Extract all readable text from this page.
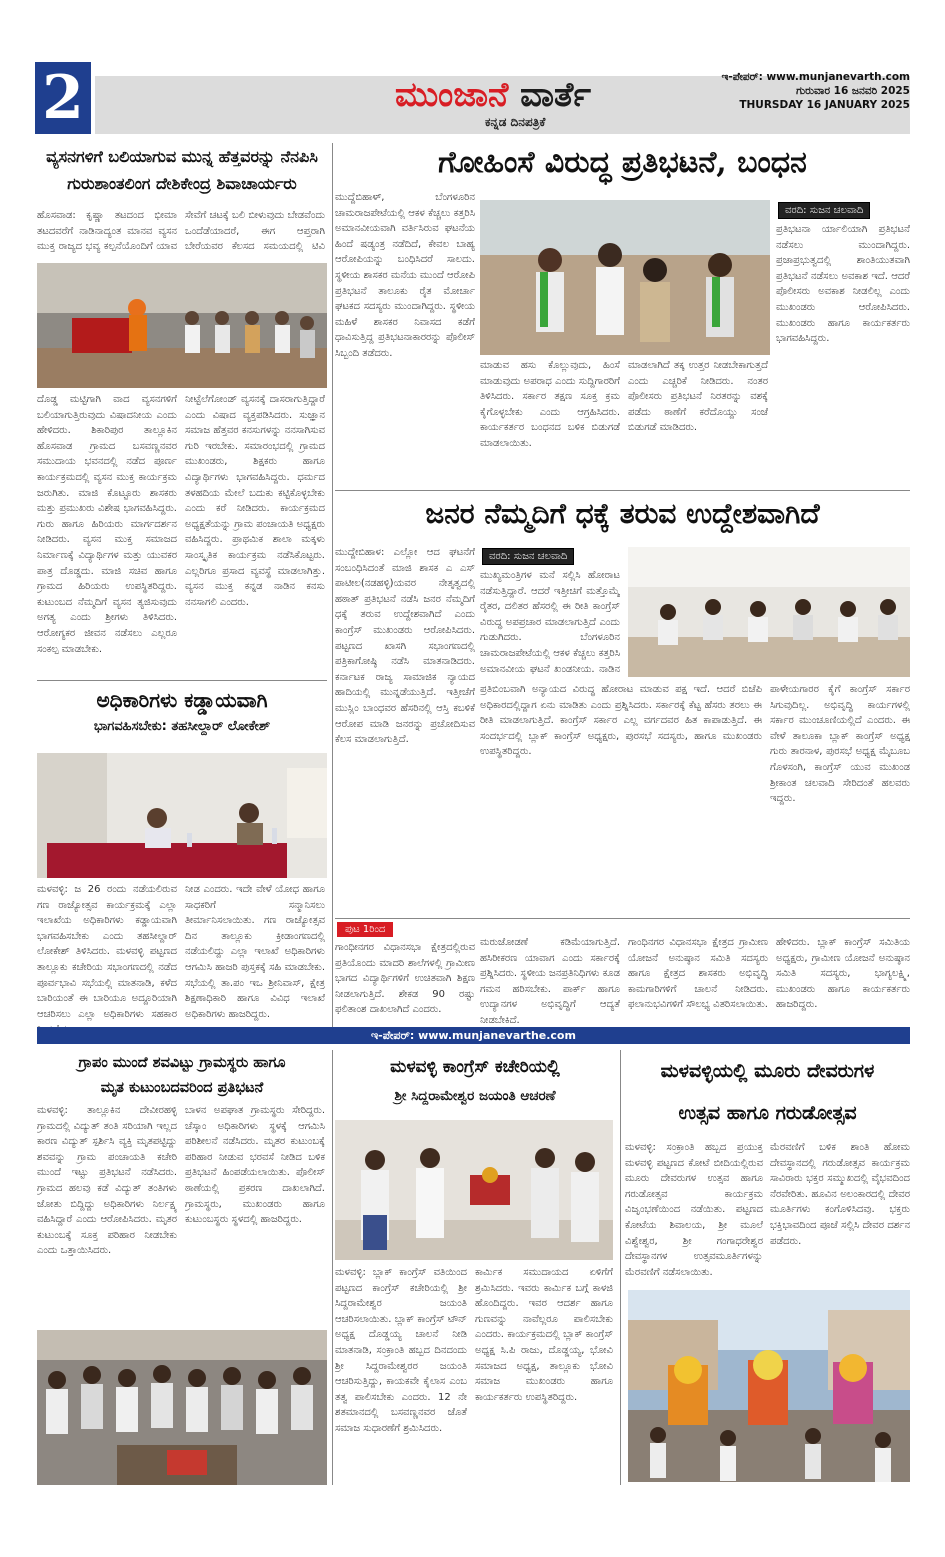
2	ಮುಂಜಾನೆ ವಾರ್ತೆ
ಕನ್ನಡ ದಿನಪತ್ರಿಕೆ
ಇ-ಪೇಪರ್: www.munjanevarth.com
ಗುರುವಾರ 16 ಜನವರಿ 2025
THURSDAY 16 JANUARY 2025
ವ್ಯಸನಗಳಿಗೆ ಬಲಿಯಾಗುವ ಮುನ್ನ ಹೆತ್ತವರನ್ನು ನೆನಪಿಸಿ
ಗುರುಶಾಂತಲಿಂಗ ದೇಶಿಕೇಂದ್ರ ಶಿವಾಚಾರ್ಯರು
ಹೊಸವಾಡ: ಕೃಷ್ಣಾ ತಟದಂದ ಭೀಮಾ ತಟದವರೆಗೆ ನಾಡಿನಾದ್ಯಂತ ಮಾನವ ವ್ಯಸನ ಮುಕ್ತ ರಾಜ್ಯದ ಭವ್ಯ ಕಲ್ಪನೆಯೊಂದಿಗೆ ಯಾವ
ಸೇವೆಗೆ ಚಟಕ್ಕೆ ಬಲಿ ಬೀಳುವುದು ಬೇಡವೆಂದು ಒಂದೆಡೆಯಾದರೆ, ಈಗ ಆಪ್ತರಾಗಿ ಬೇರೆಯವರ ಕೆಲಸದ ಸಮಯದಲ್ಲಿ ಟಿವಿ
ದೊಡ್ಡ ಮಟ್ಟಿಗಾಗಿ ವಾದ ವ್ಯಸನಗಳಿಗೆ ಬಲಿಯಾಗುತ್ತಿರುವುದು ವಿಷಾದನೀಯ ಎಂದು ಹೇಳಿದರು. ಶಿಕಾರಿಪುರ ತಾಲ್ಲೂಕಿನ ಹೊಸವಾಡ ಗ್ರಾಮದ ಬಸವಣ್ಣನವರ ಸಮುದಾಯ ಭವನದಲ್ಲಿ ನಡೆದ ಪೂರ್ಣ ಕಾರ್ಯಕ್ರಮದಲ್ಲಿ ವ್ಯಸನ ಮುಕ್ತ ಕಾರ್ಯಕ್ರಮ ಜರುಗಿತು. ಮಾಜಿ ಕೊಟ್ಟೂರು ಶಾಸಕರು ಮತ್ತು ಪ್ರಮುಖರು ವಿಶೇಷ ಭಾಗವಹಿಸಿದ್ದರು. ಗುರು ಹಾಗೂ ಹಿರಿಯರು ಮಾರ್ಗದರ್ಶನ ನೀಡಿದರು. ವ್ಯಸನ ಮುಕ್ತ ಸಮಾಜದ ನಿರ್ಮಾಣಕ್ಕೆ ವಿದ್ಯಾರ್ಥಿಗಳ ಮತ್ತು ಯುವಕರ ಪಾತ್ರ ದೊಡ್ಡದು. ಮಾಜಿ ಸಚಿವ ಹಾಗೂ ಗ್ರಾಮದ ಹಿರಿಯರು ಉಪಸ್ಥಿತರಿದ್ದರು. ಕುಟುಂಬದ ನೆಮ್ಮದಿಗೆ ವ್ಯಸನ ತ್ಯಜಿಸುವುದು ಅಗತ್ಯ ಎಂದು ಶ್ರೀಗಳು ತಿಳಿಸಿದರು. ಆರೋಗ್ಯಕರ ಜೀವನ ನಡೆಸಲು ಎಲ್ಲರೂ ಸಂಕಲ್ಪ ಮಾಡಬೇಕು.
ನೀಟ್ಟೆಲೆಗೋಂಡ್ ವ್ಯಸನಕ್ಕೆ ದಾಸರಾಗುತ್ತಿದ್ದಾರೆ ಎಂದು ವಿಷಾದ ವ್ಯಕ್ತಪಡಿಸಿದರು. ಸುಜ್ಞಾನ ಸಮಾಜ ಹೆತ್ತವರ ಕನಸುಗಳನ್ನು ನನಸಾಗಿಸುವ ಗುರಿ ಇರಬೇಕು. ಸಮಾರಂಭದಲ್ಲಿ ಗ್ರಾಮದ ಮುಖಂಡರು, ಶಿಕ್ಷಕರು ಹಾಗೂ ವಿದ್ಯಾರ್ಥಿಗಳು ಭಾಗವಹಿಸಿದ್ದರು. ಧರ್ಮದ ತಳಹದಿಯ ಮೇಲೆ ಬದುಕು ಕಟ್ಟಿಕೊಳ್ಳಬೇಕು ಎಂದು ಕರೆ ನೀಡಿದರು. ಕಾರ್ಯಕ್ರಮದ ಅಧ್ಯಕ್ಷತೆಯನ್ನು ಗ್ರಾಮ ಪಂಚಾಯತಿ ಅಧ್ಯಕ್ಷರು ವಹಿಸಿದ್ದರು. ಪ್ರಾಥಮಿಕ ಶಾಲಾ ಮಕ್ಕಳು ಸಾಂಸ್ಕೃತಿಕ ಕಾರ್ಯಕ್ರಮ ನಡೆಸಿಕೊಟ್ಟರು. ಎಲ್ಲರಿಗೂ ಪ್ರಸಾದ ವ್ಯವಸ್ಥೆ ಮಾಡಲಾಗಿತ್ತು. ವ್ಯಸನ ಮುಕ್ತ ಕನ್ನಡ ನಾಡಿನ ಕನಸು ನನಸಾಗಲಿ ಎಂದರು.
ಅಧಿಕಾರಿಗಳು ಕಡ್ಡಾಯವಾಗಿ
ಭಾಗವಹಿಸಬೇಕು: ತಹಸೀಲ್ದಾರ್ ಲೋಕೇಶ್
ಮಳವಳ್ಳಿ: ಜ 26 ರಂದು ನಡೆಯಲಿರುವ ಗಣ ರಾಜ್ಯೋತ್ಸವ ಕಾರ್ಯಕ್ರಮಕ್ಕೆ ಎಲ್ಲಾ ಇಲಾಖೆಯ ಅಧಿಕಾರಿಗಳು ಕಡ್ಡಾಯವಾಗಿ ಭಾಗವಹಿಸಬೇಕು ಎಂದು ತಹಸೀಲ್ದಾರ್ ಲೋಕೇಶ್ ತಿಳಿಸಿದರು. ಮಳವಳ್ಳಿ ಪಟ್ಟಣದ ತಾಲ್ಲೂಕು ಕಚೇರಿಯ ಸಭಾಂಗಣದಲ್ಲಿ ನಡೆದ ಪೂರ್ವಭಾವಿ ಸಭೆಯಲ್ಲಿ ಮಾತನಾಡಿ, ಕಳೆದ ಬಾರಿಯಂತೆ ಈ ಬಾರಿಯೂ ಅದ್ದೂರಿಯಾಗಿ ಆಚರಿಸಲು ಎಲ್ಲಾ ಅಧಿಕಾರಿಗಳು ಸಹಕಾರ
ನೀಡ ಎಂದರು. ಇದೇ ವೇಳೆ ಯೋಧ ಹಾಗೂ ಸಾಧಕರಿಗೆ ಸನ್ಮಾನಿಸಲು ತೀರ್ಮಾನಿಸಲಾಯಿತು. ಗಣ ರಾಜ್ಯೋತ್ಸವ ದಿನ ತಾಲ್ಲೂಕು ಕ್ರೀಡಾಂಗಣದಲ್ಲಿ ನಡೆಯಲಿದ್ದು ಎಲ್ಲಾ ಇಲಾಖೆ ಅಧಿಕಾರಿಗಳು ಆಗಮಿಸಿ ಹಾಜರಿ ಪುಸ್ತಕಕ್ಕೆ ಸಹಿ ಮಾಡಬೇಕು. ಸಭೆಯಲ್ಲಿ ತಾ.ಪಂ ಇಒ ಶ್ರೀನಿವಾಸ್, ಕ್ಷೇತ್ರ ಶಿಕ್ಷಣಾಧಿಕಾರಿ ಹಾಗೂ ವಿವಿಧ ಇಲಾಖೆ ಅಧಿಕಾರಿಗಳು ಹಾಜರಿದ್ದರು.
ಗೋಹಿಂಸೆ ವಿರುದ್ಧ ಪ್ರತಿಭಟನೆ, ಬಂಧನ
ಮುದ್ದೆಬಿಹಾಳ್, ಬೆಂಗಳೂರಿನ ಚಾಮರಾಜಪೇಟೆಯಲ್ಲಿ ಆಕಳ ಕೆಚ್ಚಲು ಕತ್ತರಿಸಿ ಅಮಾನವೀಯವಾಗಿ ವರ್ತಿಸಿರುವ ಘಟನೆಯ ಹಿಂದೆ ಷಡ್ಯಂತ್ರ ನಡೆದಿದೆ, ಕೇವಲ ಬಾಹ್ಯ ಆರೋಪಿಯನ್ನು ಬಂಧಿಸಿದರೆ ಸಾಲದು. ಸ್ಥಳೀಯ ಶಾಸಕರ ಮನೆಯ ಮುಂದೆ ಆರೋಪಿ ಪ್ರತಿಭಟನೆ ತಾಲೂಕು ರೈತ ಮೋರ್ಚಾ ಘಟಕದ ಸದಸ್ಯರು ಮುಂದಾಗಿದ್ದರು. ಸ್ಥಳೀಯ ಮಹಿಳೆ ಶಾಸಕರ ನಿವಾಸದ ಕಡೆಗೆ ಧಾವಿಸುತ್ತಿದ್ದ ಪ್ರತಿಭಟನಾಕಾರರನ್ನು ಪೊಲೀಸ್ ಸಿಬ್ಬಂದಿ ತಡೆದರು.
ಮಾಡುವ ಹಸು ಕೊಲ್ಲುವುದು, ಹಿಂಸೆ ಮಾಡುವುದು ಅಪರಾಧ ಎಂದು ಸುದ್ದಿಗಾರರಿಗೆ ತಿಳಿಸಿದರು. ಸರ್ಕಾರ ತಕ್ಷಣ ಸೂಕ್ತ ಕ್ರಮ ಕೈಗೊಳ್ಳಬೇಕು ಎಂದು ಆಗ್ರಹಿಸಿದರು. ಕಾರ್ಯಕರ್ತರ ಬಂಧನದ ಬಳಿಕ ಬಿಡುಗಡೆ ಮಾಡಲಾಯಿತು.
ಮಾಡಲಾಗಿದೆ ತಕ್ಕ ಉತ್ತರ ನೀಡಬೇಕಾಗುತ್ತದೆ ಎಂದು ಎಚ್ಚರಿಕೆ ನೀಡಿದರು. ನಂತರ ಪೊಲೀಸರು ಪ್ರತಿಭಟನೆ ನಿರತರನ್ನು ವಶಕ್ಕೆ ಪಡೆದು ಠಾಣೆಗೆ ಕರೆದೊಯ್ದು ಸಂಜೆ ಬಿಡುಗಡೆ ಮಾಡಿದರು.
ವರದಿ: ಸುಜನ ಚಲವಾದಿ
ಪ್ರತಿಭಟನಾ ರ್ಯಾಲಿಯಾಗಿ ಪ್ರತಿಭಟನೆ ನಡೆಸಲು ಮುಂದಾಗಿದ್ದರು. ಪ್ರಜಾಪ್ರಭುತ್ವದಲ್ಲಿ ಶಾಂತಿಯುತವಾಗಿ ಪ್ರತಿಭಟನೆ ನಡೆಸಲು ಅವಕಾಶ ಇದೆ. ಆದರೆ ಪೊಲೀಸರು ಅವಕಾಶ ನೀಡಲಿಲ್ಲ ಎಂದು ಮುಖಂಡರು ಆರೋಪಿಸಿದರು. ಮುಖಂಡರು ಹಾಗೂ ಕಾರ್ಯಕರ್ತರು ಭಾಗವಹಿಸಿದ್ದರು.
ಜನರ ನೆಮ್ಮದಿಗೆ ಧಕ್ಕೆ ತರುವ ಉದ್ದೇಶವಾಗಿದೆ
ಮುದ್ದೇಬಿಹಾಳ: ಎಲ್ಲೋ ಆದ ಘಟನೆಗೆ ಸಂಬಂಧಿಸಿದಂತೆ ಮಾಜಿ ಶಾಸಕ ಎ ಎಸ್ ಪಾಟೀಲ(ನಡಹಳ್ಳಿ)ಯವರ ನೇತೃತ್ವದಲ್ಲಿ ಹಠಾತ್ ಪ್ರತಿಭಟನೆ ನಡೆಸಿ ಜನರ ನೆಮ್ಮದಿಗೆ ಧಕ್ಕೆ ತರುವ ಉದ್ದೇಶವಾಗಿದೆ ಎಂದು ಕಾಂಗ್ರೆಸ್ ಮುಖಂಡರು ಆರೋಪಿಸಿದರು. ಪಟ್ಟಣದ ಖಾಸಗಿ ಸಭಾಂಗಣದಲ್ಲಿ ಪತ್ರಿಕಾಗೋಷ್ಠಿ ನಡೆಸಿ ಮಾತನಾಡಿದರು. ಕರ್ನಾಟಕ ರಾಜ್ಯ ಸಾಮಾಜಿಕ ನ್ಯಾಯದ ಹಾದಿಯಲ್ಲಿ ಮುನ್ನಡೆಯುತ್ತಿದೆ. ಇತ್ತೀಚೆಗೆ ಮುಸ್ಲಿಂ ಬಾಂಧವರ ಹೆಸರಿನಲ್ಲಿ ಆಸ್ತಿ ಕಬಳಿಕೆ ಆರೋಪ ಮಾಡಿ ಜನರನ್ನು ಪ್ರಚೋದಿಸುವ ಕೆಲಸ ಮಾಡಲಾಗುತ್ತಿದೆ.
ವರದಿ: ಸುಜನ ಚಲವಾದಿ
ಮುಖ್ಯಮಂತ್ರಿಗಳ ಮನೆ ಸಲ್ಲಿಸಿ ಹೋರಾಟ ನಡೆಸುತ್ತಿದ್ದಾರೆ. ಆದರೆ ಇತ್ತೀಚಿಗೆ ಮತ್ತೊಮ್ಮೆ ರೈತರ, ದಲಿತರ ಹೆಸರಲ್ಲಿ ಈ ರೀತಿ ಕಾಂಗ್ರೆಸ್ ವಿರುದ್ಧ ಅಪಪ್ರಚಾರ ಮಾಡಲಾಗುತ್ತಿದೆ ಎಂದು ಗುಡುಗಿದರು. ಬೆಂಗಳೂರಿನ ಚಾಮರಾಜಪೇಟೆಯಲ್ಲಿ ಆಕಳ ಕೆಚ್ಚಲು ಕತ್ತರಿಸಿ ಅಮಾನವೀಯ ಘಟನೆ ಖಂಡನೀಯ. ನಾಡಿನ
ಪ್ರತಿಬಿಂಬವಾಗಿ ಅನ್ಯಾಯದ ವಿರುದ್ಧ ಹೋರಾಟ ಮಾಡುವ ಪಕ್ಷ ಇದೆ. ಆದರೆ ಬಿಜೆಪಿ ಅಧಿಕಾರದಲ್ಲಿದ್ದಾಗ ಏನು ಮಾಡಿತು ಎಂದು ಪ್ರಶ್ನಿಸಿದರು. ಸರ್ಕಾರಕ್ಕೆ ಕೆಟ್ಟ ಹೆಸರು ತರಲು ಈ ರೀತಿ ಮಾಡಲಾಗುತ್ತಿದೆ. ಕಾಂಗ್ರೆಸ್ ಸರ್ಕಾರ ಎಲ್ಲ ವರ್ಗದವರ ಹಿತ ಕಾಪಾಡುತ್ತಿದೆ. ಈ ಸಂದರ್ಭದಲ್ಲಿ ಬ್ಲಾಕ್ ಕಾಂಗ್ರೆಸ್ ಅಧ್ಯಕ್ಷರು, ಪುರಸಭೆ ಸದಸ್ಯರು, ಹಾಗೂ ಮುಖಂಡರು ಉಪಸ್ಥಿತರಿದ್ದರು.
ಪಾಳೇಯಗಾರರ ಕೈಗೆ ಕಾಂಗ್ರೆಸ್ ಸರ್ಕಾರ ಸಿಗುವುದಿಲ್ಲ. ಅಭಿವೃದ್ಧಿ ಕಾರ್ಯಗಳಲ್ಲಿ ಸರ್ಕಾರ ಮುಂಚೂಣಿಯಲ್ಲಿದೆ ಎಂದರು. ಈ ವೇಳೆ ತಾಲೂಕಾ ಬ್ಲಾಕ್ ಕಾಂಗ್ರೆಸ್ ಅಧ್ಯಕ್ಷ ಗುರು ತಾರನಾಳ, ಪುರಸಭೆ ಅಧ್ಯಕ್ಷ ಮೈಬೂಬ ಗೊಳಸಂಗಿ, ಕಾಂಗ್ರೆಸ್ ಯುವ ಮುಖಂಡ ಶ್ರೀಕಾಂತ ಚಲವಾದಿ ಸೇರಿದಂತೆ ಹಲವರು ಇದ್ದರು.
ಪುಟ 1ರಿಂದ
ಗಾಂಧೀನಗರ ವಿಧಾನಸಭಾ ಕ್ಷೇತ್ರದಲ್ಲಿರುವ ಪ್ರತಿಯೊಂದು ಮಾದರಿ ಶಾಲೆಗಳಲ್ಲಿ ಗ್ರಾಮೀಣ ಭಾಗದ ವಿದ್ಯಾರ್ಥಿಗಳಿಗೆ ಉಚಿತವಾಗಿ ಶಿಕ್ಷಣ ನೀಡಲಾಗುತ್ತಿದೆ. ಶೇಕಡ 90 ರಷ್ಟು ಫಲಿತಾಂಶ ದಾಖಲಾಗಿದೆ ಎಂದರು.
ಮರುಜೋಡಣೆ ಕಡಿಮೆಯಾಗುತ್ತಿದೆ. ಹಸಿರೀಕರಣ ಯಾವಾಗ ಎಂದು ಸರ್ಕಾರಕ್ಕೆ ಪ್ರಶ್ನಿಸಿದರು. ಸ್ಥಳೀಯ ಜನಪ್ರತಿನಿಧಿಗಳು ಕೂಡ ಗಮನ ಹರಿಸಬೇಕು. ಪಾರ್ಕ್ ಹಾಗೂ ಉದ್ಯಾನಗಳ ಅಭಿವೃದ್ಧಿಗೆ ಆದ್ಯತೆ ನೀಡಬೇಕಿದೆ.
ಗಾಂಧಿನಗರ ವಿಧಾನಸಭಾ ಕ್ಷೇತ್ರದ ಗ್ರಾಮೀಣ ಯೋಜನೆ ಅನುಷ್ಠಾನ ಸಮಿತಿ ಸದಸ್ಯರು ಹಾಗೂ ಕ್ಷೇತ್ರದ ಶಾಸಕರು ಅಭಿವೃದ್ಧಿ ಕಾಮಗಾರಿಗಳಿಗೆ ಚಾಲನೆ ನೀಡಿದರು. ಫಲಾನುಭವಿಗಳಿಗೆ ಸೌಲಭ್ಯ ವಿತರಿಸಲಾಯಿತು.
ಹೇಳಿದರು. ಬ್ಲಾಕ್ ಕಾಂಗ್ರೆಸ್ ಸಮಿತಿಯ ಅಧ್ಯಕ್ಷರು, ಗ್ರಾಮೀಣ ಯೋಜನೆ ಅನುಷ್ಠಾನ ಸಮಿತಿ ಸದಸ್ಯರು, ಭಾಗ್ಯಲಕ್ಷ್ಮಿ, ಮುಖಂಡರು ಹಾಗೂ ಕಾರ್ಯಕರ್ತರು ಹಾಜರಿದ್ದರು.
ಇ-ಪೇಪರ್: www.munjanevarthe.com
ಗ್ರಾಪಂ ಮುಂದೆ ಶವವಿಟ್ಟು ಗ್ರಾಮಸ್ಥರು ಹಾಗೂ
ಮೃತ ಕುಟುಂಬದವರಿಂದ ಪ್ರತಿಭಟನೆ
ಮಳವಳ್ಳಿ: ತಾಲ್ಲೂಕಿನ ದೇವೀರಹಳ್ಳಿ ಗ್ರಾಮದಲ್ಲಿ ವಿದ್ಯುತ್ ತಂತಿ ಸರಿಯಾಗಿ ಇಲ್ಲದ ಕಾರಣ ವಿದ್ಯುತ್ ಸ್ಪರ್ಶಿಸಿ ವ್ಯಕ್ತಿ ಮೃತಪಟ್ಟಿದ್ದು ಶವವನ್ನು ಗ್ರಾಮ ಪಂಚಾಯತಿ ಕಚೇರಿ ಮುಂದೆ ಇಟ್ಟು ಪ್ರತಿಭಟನೆ ನಡೆಸಿದರು. ಗ್ರಾಮದ ಹಲವು ಕಡೆ ವಿದ್ಯುತ್ ತಂತಿಗಳು ಜೋತು ಬಿದ್ದಿದ್ದು ಅಧಿಕಾರಿಗಳು ನಿರ್ಲಕ್ಷ್ಯ ವಹಿಸಿದ್ದಾರೆ ಎಂದು ಆರೋಪಿಸಿದರು. ಮೃತರ ಕುಟುಂಬಕ್ಕೆ ಸೂಕ್ತ ಪರಿಹಾರ ನೀಡಬೇಕು ಎಂದು ಒತ್ತಾಯಿಸಿದರು.
ಬಾಳನ ಅಪಘಾತ ಗ್ರಾಮಸ್ಥರು ಸೇರಿದ್ದರು. ಚೆಸ್ಕಾಂ ಅಧಿಕಾರಿಗಳು ಸ್ಥಳಕ್ಕೆ ಆಗಮಿಸಿ ಪರಿಶೀಲನೆ ನಡೆಸಿದರು. ಮೃತರ ಕುಟುಂಬಕ್ಕೆ ಪರಿಹಾರ ನೀಡುವ ಭರವಸೆ ನೀಡಿದ ಬಳಿಕ ಪ್ರತಿಭಟನೆ ಹಿಂಪಡೆಯಲಾಯಿತು. ಪೊಲೀಸ್ ಠಾಣೆಯಲ್ಲಿ ಪ್ರಕರಣ ದಾಖಲಾಗಿದೆ. ಗ್ರಾಮಸ್ಥರು, ಮುಖಂಡರು ಹಾಗೂ ಕುಟುಂಬಸ್ಥರು ಸ್ಥಳದಲ್ಲಿ ಹಾಜರಿದ್ದರು.
ಮಳವಳ್ಳಿ ಕಾಂಗ್ರೆಸ್ ಕಚೇರಿಯಲ್ಲಿ
ಶ್ರೀ ಸಿದ್ದರಾಮೇಶ್ವರ ಜಯಂತಿ ಆಚರಣೆ
ಮಳವಳ್ಳಿ: ಬ್ಲಾಕ್ ಕಾಂಗ್ರೆಸ್ ವತಿಯಿಂದ ಪಟ್ಟಣದ ಕಾಂಗ್ರೆಸ್ ಕಚೇರಿಯಲ್ಲಿ ಶ್ರೀ ಸಿದ್ದರಾಮೇಶ್ವರ ಜಯಂತಿ ಆಚರಿಸಲಾಯಿತು. ಬ್ಲಾಕ್ ಕಾಂಗ್ರೆಸ್ ಟೌನ್ ಅಧ್ಯಕ್ಷ ದೊಡ್ಡಯ್ಯ ಚಾಲನೆ ನೀಡಿ ಮಾತನಾಡಿ, ಸಂಕ್ರಾಂತಿ ಹಬ್ಬದ ದಿನದಂದು ಶ್ರೀ ಸಿದ್ದರಾಮೇಶ್ವರರ ಜಯಂತಿ ಆಚರಿಸುತ್ತಿದ್ದು, ಕಾಯಕವೇ ಕೈಲಾಸ ಎಂಬ ತತ್ವ ಪಾಲಿಸಬೇಕು ಎಂದರು. 12 ನೇ ಶತಮಾನದಲ್ಲಿ ಬಸವಣ್ಣನವರ ಜೊತೆ ಸಮಾಜ ಸುಧಾರಣೆಗೆ ಶ್ರಮಿಸಿದರು.
ಕಾರ್ಮಿಕ ಸಮುದಾಯದ ಏಳಿಗೆಗೆ ಶ್ರಮಿಸಿದರು. ಇವರು ಕಾರ್ಮಿಕ ಬಗ್ಗೆ ಕಾಳಜಿ ಹೊಂದಿದ್ದರು. ಇವರ ಆದರ್ಶ ಹಾಗೂ ಗುಣವನ್ನು ನಾವೆಲ್ಲರೂ ಪಾಲಿಸಬೇಕು ಎಂದರು. ಕಾರ್ಯಕ್ರಮದಲ್ಲಿ ಬ್ಲಾಕ್ ಕಾಂಗ್ರೆಸ್ ಅಧ್ಯಕ್ಷ ಸಿ.ಪಿ ರಾಜು, ದೊಡ್ಡಯ್ಯ, ಭೋವಿ ಸಮಾಜದ ಅಧ್ಯಕ್ಷ, ತಾಲ್ಲೂಕು ಭೋವಿ ಸಮಾಜ ಮುಖಂಡರು ಹಾಗೂ ಕಾರ್ಯಕರ್ತರು ಉಪಸ್ಥಿತರಿದ್ದರು.
ಮಳವಳ್ಳಿಯಲ್ಲಿ ಮೂರು ದೇವರುಗಳ
ಉತ್ಸವ ಹಾಗೂ ಗರುಡೋತ್ಸವ
ಮಳವಳ್ಳಿ: ಸಂಕ್ರಾಂತಿ ಹಬ್ಬದ ಪ್ರಯುಕ್ತ ಮಳವಳ್ಳಿ ಪಟ್ಟಣದ ಕೋಟೆ ಬೀದಿಯಲ್ಲಿರುವ ಮೂರು ದೇವರುಗಳ ಉತ್ಸವ ಹಾಗೂ ಗರುಡೋತ್ಸವ ಕಾರ್ಯಕ್ರಮ ವಿಜೃಂಭಣೆಯಿಂದ ನಡೆಯಿತು. ಪಟ್ಟಣದ ಕೋಟೆಯ ಶಿವಾಲಯ, ಶ್ರೀ ಮೂಲೆ ವಿಶ್ವೇಶ್ವರ, ಶ್ರೀ ಗಂಗಾಧರೇಶ್ವರ ದೇವಸ್ಥಾನಗಳ ಉತ್ಸವಮೂರ್ತಿಗಳನ್ನು ಮೆರವಣಿಗೆ ನಡೆಸಲಾಯಿತು.
ಮೆರವಣಿಗೆ ಬಳಿಕ ಶಾಂತಿ ಹೋಮ ದೇವಸ್ಥಾನದಲ್ಲಿ ಗರುಡೋತ್ಸವ ಕಾರ್ಯಕ್ರಮ ಸಾವಿರಾರು ಭಕ್ತರ ಸಮ್ಮುಖದಲ್ಲಿ ವೈಭವದಿಂದ ನೆರವೇರಿತು. ಹೂವಿನ ಅಲಂಕಾರದಲ್ಲಿ ದೇವರ ಮೂರ್ತಿಗಳು ಕಂಗೊಳಿಸಿದವು. ಭಕ್ತರು ಭಕ್ತಿಭಾವದಿಂದ ಪೂಜೆ ಸಲ್ಲಿಸಿ ದೇವರ ದರ್ಶನ ಪಡೆದರು.
